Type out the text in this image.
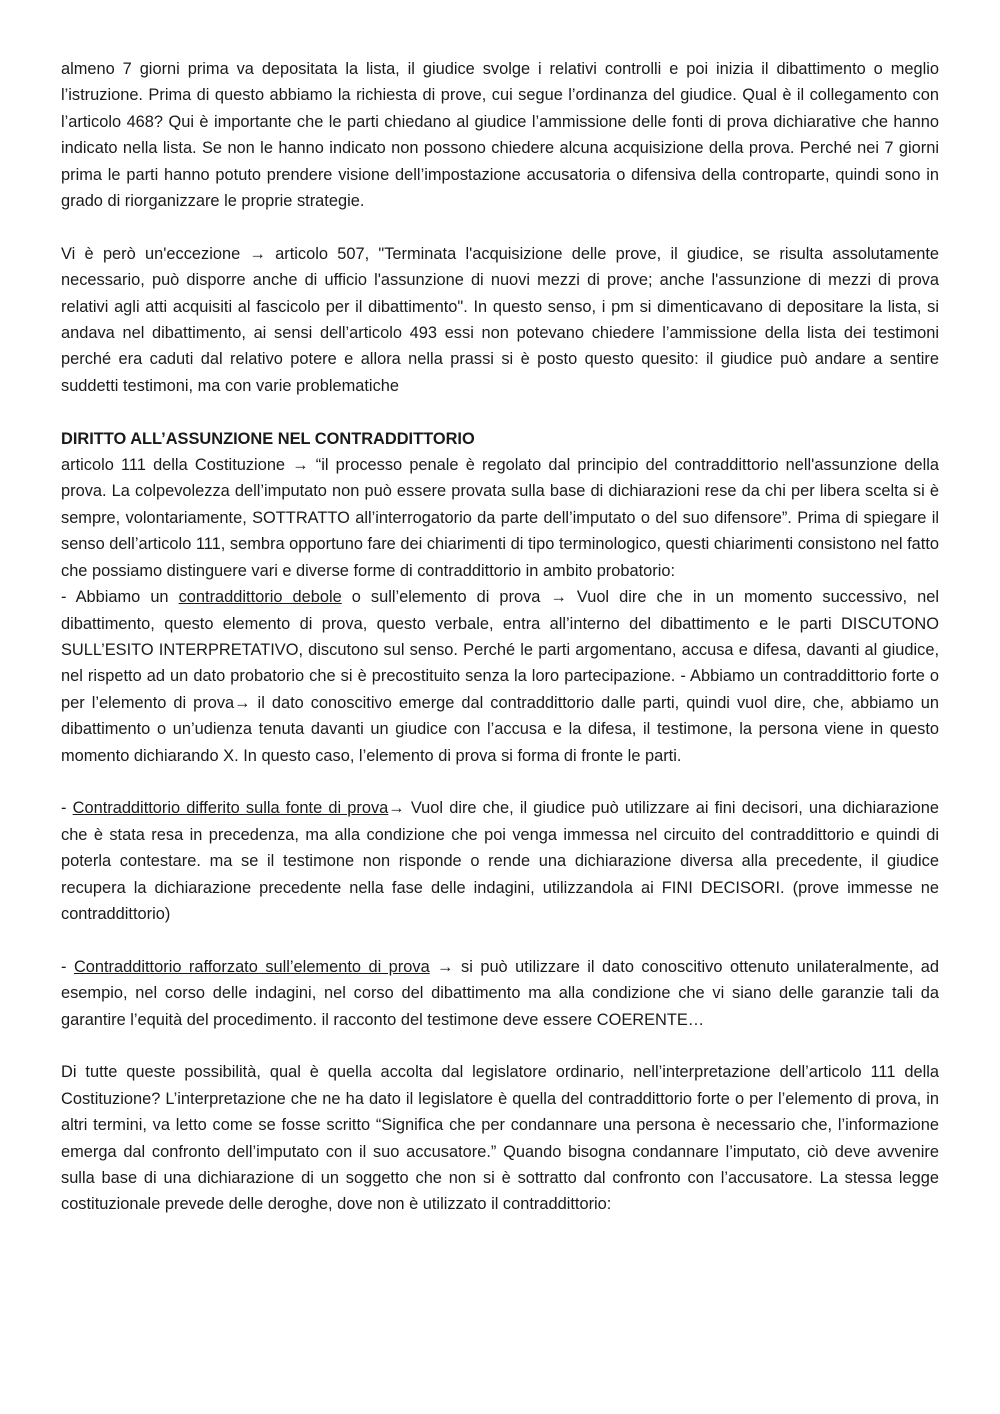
almeno 7 giorni prima va depositata la lista, il giudice svolge i relativi controlli e poi inizia il dibattimento o meglio l’istruzione. Prima di questo abbiamo la richiesta di prove, cui segue l’ordinanza del giudice. Qual è il collegamento con l’articolo 468? Qui è importante che le parti chiedano al giudice l’ammissione delle fonti di prova dichiarative che hanno indicato nella lista. Se non le hanno indicato non possono chiedere alcuna acquisizione della prova. Perché nei 7 giorni prima le parti hanno potuto prendere visione dell’impostazione accusatoria o difensiva della controparte, quindi sono in grado di riorganizzare le proprie strategie.

Vi è però un'eccezione → articolo 507, "Terminata l'acquisizione delle prove, il giudice, se risulta assolutamente necessario, può disporre anche di ufficio l'assunzione di nuovi mezzi di prove; anche l'assunzione di mezzi di prova relativi agli atti acquisiti al fascicolo per il dibattimento". In questo senso, i pm si dimenticavano di depositare la lista, si andava nel dibattimento, ai sensi dell’articolo 493 essi non potevano chiedere l’ammissione della lista dei testimoni perché era caduti dal relativo potere e allora nella prassi si è posto questo quesito: il giudice può andare a sentire suddetti testimoni, ma con varie problematiche

DIRITTO ALL’ASSUNZIONE NEL CONTRADDITTORIO

articolo 111 della Costituzione → “il processo penale è regolato dal principio del contraddittorio nell'assunzione della prova. La colpevolezza dell’imputato non può essere provata sulla base di dichiarazioni rese da chi per libera scelta si è sempre, volontariamente, SOTTRATTO all’interrogatorio da parte dell’imputato o del suo difensore”. Prima di spiegare il senso dell’articolo 111, sembra opportuno fare dei chiarimenti di tipo terminologico, questi chiarimenti consistono nel fatto che possiamo distinguere vari e diverse forme di contraddittorio in ambito probatorio:

- Abbiamo un contraddittorio debole o sull’elemento di prova → Vuol dire che in un momento successivo, nel dibattimento, questo elemento di prova, questo verbale, entra all’interno del dibattimento e le parti DISCUTONO SULL’ESITO INTERPRETATIVO, discutono sul senso. Perché le parti argomentano, accusa e difesa, davanti al giudice, nel rispetto ad un dato probatorio che si è precostituito senza la loro partecipazione. - Abbiamo un contraddittorio forte o per l’elemento di prova→ il dato conoscitivo emerge dal contraddittorio dalle parti, quindi vuol dire, che, abbiamo un dibattimento o un’udienza tenuta davanti un giudice con l’accusa e la difesa, il testimone, la persona viene in questo momento dichiarando X. In questo caso, l’elemento di prova si forma di fronte le parti.

- Contraddittorio differito sulla fonte di prova→ Vuol dire che, il giudice può utilizzare ai fini decisori, una dichiarazione che è stata resa in precedenza, ma alla condizione che poi venga immessa nel circuito del contraddittorio e quindi di poterla contestare. ma se il testimone non risponde o rende una dichiarazione diversa alla precedente, il giudice recupera la dichiarazione precedente nella fase delle indagini, utilizzandola ai FINI DECISORI. (prove immesse ne contraddittorio)

- Contraddittorio rafforzato sull’elemento di prova → si può utilizzare il dato conoscitivo ottenuto unilateralmente, ad esempio, nel corso delle indagini, nel corso del dibattimento ma alla condizione che vi siano delle garanzie tali da garantire l’equità del procedimento. il racconto del testimone deve essere COERENTE…

Di tutte queste possibilità, qual è quella accolta dal legislatore ordinario, nell’interpretazione dell’articolo 111 della Costituzione? L’interpretazione che ne ha dato il legislatore è quella del contraddittorio forte o per l’elemento di prova, in altri termini, va letto come se fosse scritto “Significa che per condannare una persona è necessario che, l’informazione emerga dal confronto dell’imputato con il suo accusatore.” Quando bisogna condannare l’imputato, ciò deve avvenire sulla base di una dichiarazione di un soggetto che non si è sottratto dal confronto con l’accusatore. La stessa legge costituzionale prevede delle deroghe, dove non è utilizzato il contraddittorio:
